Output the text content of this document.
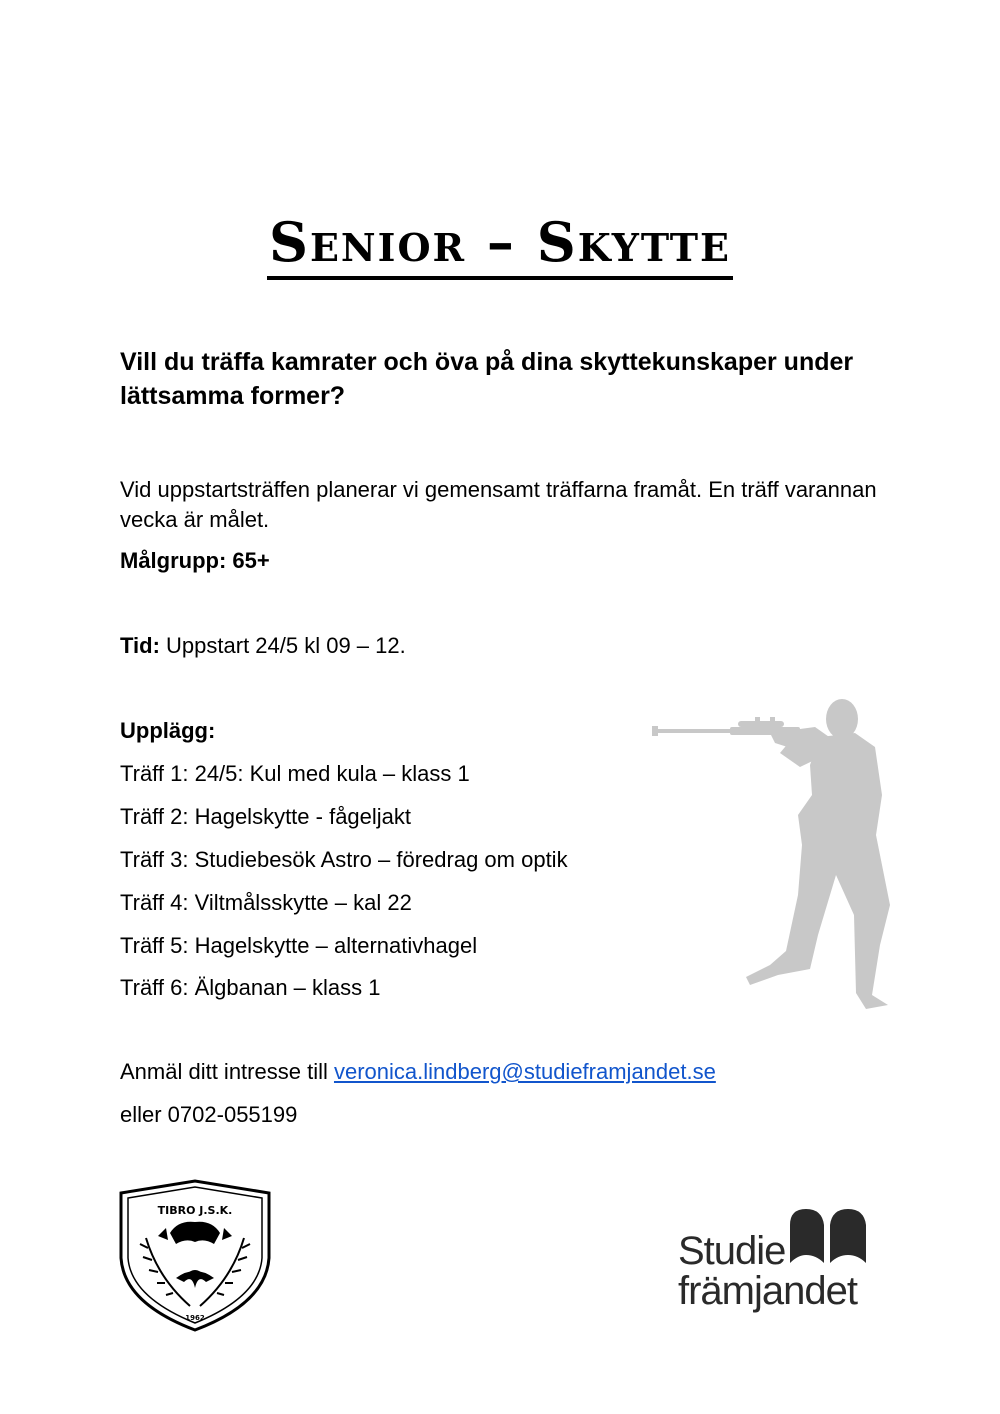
Senior – Skytte
Vill du träffa kamrater och öva på dina skyttekunskaper under lättsamma former?
Vid uppstartsträffen planerar vi gemensamt träffarna framåt. En träff varannan vecka är målet.
Målgrupp: 65+
Tid: Uppstart 24/5 kl 09 – 12.
Upplägg:
Träff 1: 24/5: Kul med kula – klass 1
Träff 2: Hagelskytte - fågeljakt
Träff 3: Studiebesök Astro – föredrag om optik
Träff 4: Viltmålsskytte – kal 22
Träff 5: Hagelskytte – alternativhagel
Träff 6: Älgbanan – klass 1
Anmäl ditt intresse till veronica.lindberg@studieframjandet.se
eller 0702-055199
TIBRO J.S.K.
1962
Studie
främjandet
